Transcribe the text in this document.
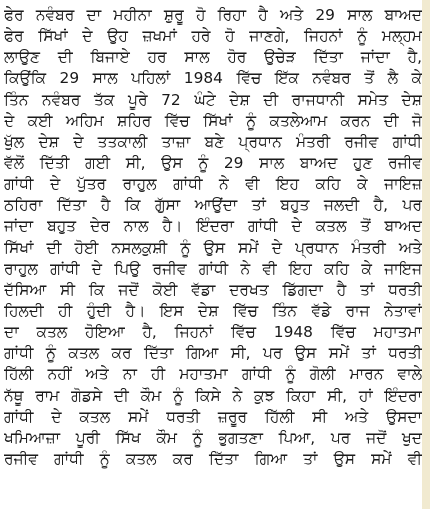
ਫੇਰ ਨਵੰਬਰ ਦਾ ਮਹੀਨਾ ਸ਼ੁਰੂ ਹੋ ਰਿਹਾ ਹੈ ਅਤੇ 29 ਸਾਲ ਬਾਅਦ
ਫੇਰ ਸਿੱਖਾਂ ਦੇ ਉਹ ਜ਼ਖਮਾਂ ਹਰੇ ਹੋ ਜਾਣਗੇ, ਜਿਹਨਾਂ ਨੂੰ ਮਲ੍ਹਮ
ਲਾਉਣ ਦੀ ਬਿਜਾਏ ਹਰ ਸਾਲ ਹੋਰ ਉਚੇੜ ਦਿੱਤਾ ਜਾਂਦਾ ਹੈ,
ਕਿਉਂਕਿ 29 ਸਾਲ ਪਹਿਲਾਂ 1984 ਵਿੱਚ ਇੱਕ ਨਵੰਬਰ ਤੋਂ ਲੈ ਕੇ
ਤਿੰਨ ਨਵੰਬਰ ਤੱਕ ਪੂਰੇ 72 ਘੰਟੇ ਦੇਸ਼ ਦੀ ਰਾਜਧਾਨੀ ਸਮੇਤ ਦੇਸ਼
ਦੇ ਕਈ ਅਹਿਮ ਸ਼ਹਿਰ ਵਿੱਚ ਸਿੱਖਾਂ ਨੂੰ ਕਤਲੇਆਮ ਕਰਨ ਦੀ ਜੋ
ਖੁੱਲ ਦੇਸ਼ ਦੇ ਤਤਕਾਲੀ ਤਾਜ਼ਾ ਬਣੇ ਪ੍ਰਧਾਨ ਮੰਤਰੀ ਰਜੀਵ ਗਾਂਧੀ
ਵੱਲੋਂ ਦਿੱਤੀ ਗਈ ਸੀ, ਉਸ ਨੂੰ 29 ਸਾਲ ਬਾਅਦ ਹੁਣ ਰਜੀਵ
ਗਾਂਧੀ ਦੇ ਪੁੱਤਰ ਰਾਹੁਲ ਗਾਂਧੀ ਨੇ ਵੀ ਇਹ ਕਹਿ ਕੇ ਜਾਇਜ਼
ਠਹਿਰਾ ਦਿੱਤਾ ਹੈ ਕਿ ਗੁੱਸਾ ਆਉਂਦਾ ਤਾਂ ਬਹੁਤ ਜਲਦੀ ਹੈ, ਪਰ
ਜਾਂਦਾ ਬਹੁਤ ਦੇਰ ਨਾਲ ਹੈ। ਇੰਦਰਾ ਗਾਂਧੀ ਦੇ ਕਤਲ ਤੋਂ ਬਾਅਦ
ਸਿੱਖਾਂ ਦੀ ਹੋਈ ਨਸਲਕੁਸ਼ੀ ਨੂੰ ਉਸ ਸਮੇਂ ਦੇ ਪ੍ਰਧਾਨ ਮੰਤਰੀ ਅਤੇ
ਰਾਹੁਲ ਗਾਂਧੀ ਦੇ ਪਿਉ ਰਜੀਵ ਗਾਂਧੀ ਨੇ ਵੀ ਇਹ ਕਹਿ ਕੇ ਜਾਇਜ
ਦੱਸਿਆ ਸੀ ਕਿ ਜਦੋਂ ਕੋਈ ਵੱਡਾ ਦਰਖਤ ਡਿੱਗਦਾ ਹੈ ਤਾਂ ਧਰਤੀ
ਹਿਲਦੀ ਹੀ ਹੁੰਦੀ ਹੈ। ਇਸ ਦੇਸ਼ ਵਿੱਚ ਤਿੰਨ ਵੱਡੇ ਰਾਜ ਨੇਤਾਵਾਂ
ਦਾ ਕਤਲ ਹੋਇਆ ਹੈ, ਜਿਹਨਾਂ ਵਿੱਚ 1948 ਵਿੱਚ ਮਹਾਤਮਾ
ਗਾਂਧੀ ਨੂੰ ਕਤਲ ਕਰ ਦਿੱਤਾ ਗਿਆ ਸੀ, ਪਰ ਉਸ ਸਮੇਂ ਤਾਂ ਧਰਤੀ
ਹਿੱਲੀ ਨਹੀਂ ਅਤੇ ਨਾ ਹੀ ਮਹਾਤਮਾ ਗਾਂਧੀ ਨੂੰ ਗੋਲੀ ਮਾਰਨ ਵਾਲੇ
ਨੱਥੂ ਰਾਮ ਗੋਡਸੇ ਦੀ ਕੌਮ ਨੂੰ ਕਿਸੇ ਨੇ ਕੁਝ ਕਿਹਾ ਸੀ, ਹਾਂ ਇੰਦਰਾ
ਗਾਂਧੀ ਦੇ ਕਤਲ ਸਮੇਂ ਧਰਤੀ ਜ਼ਰੂਰ ਹਿੱਲੀ ਸੀ ਅਤੇ ਉਸਦਾ
ਖਮਿਆਜ਼ਾ ਪੂਰੀ ਸਿੱਖ ਕੌਮ ਨੂੰ ਭੁਗਤਣਾ ਪਿਆ, ਪਰ ਜਦੋਂ ਖੁਦ
ਰਜੀਵ ਗਾਂਧੀ ਨੂੰ ਕਤਲ ਕਰ ਦਿੱਤਾ ਗਿਆ ਤਾਂ ਉਸ ਸਮੇਂ ਵੀ
